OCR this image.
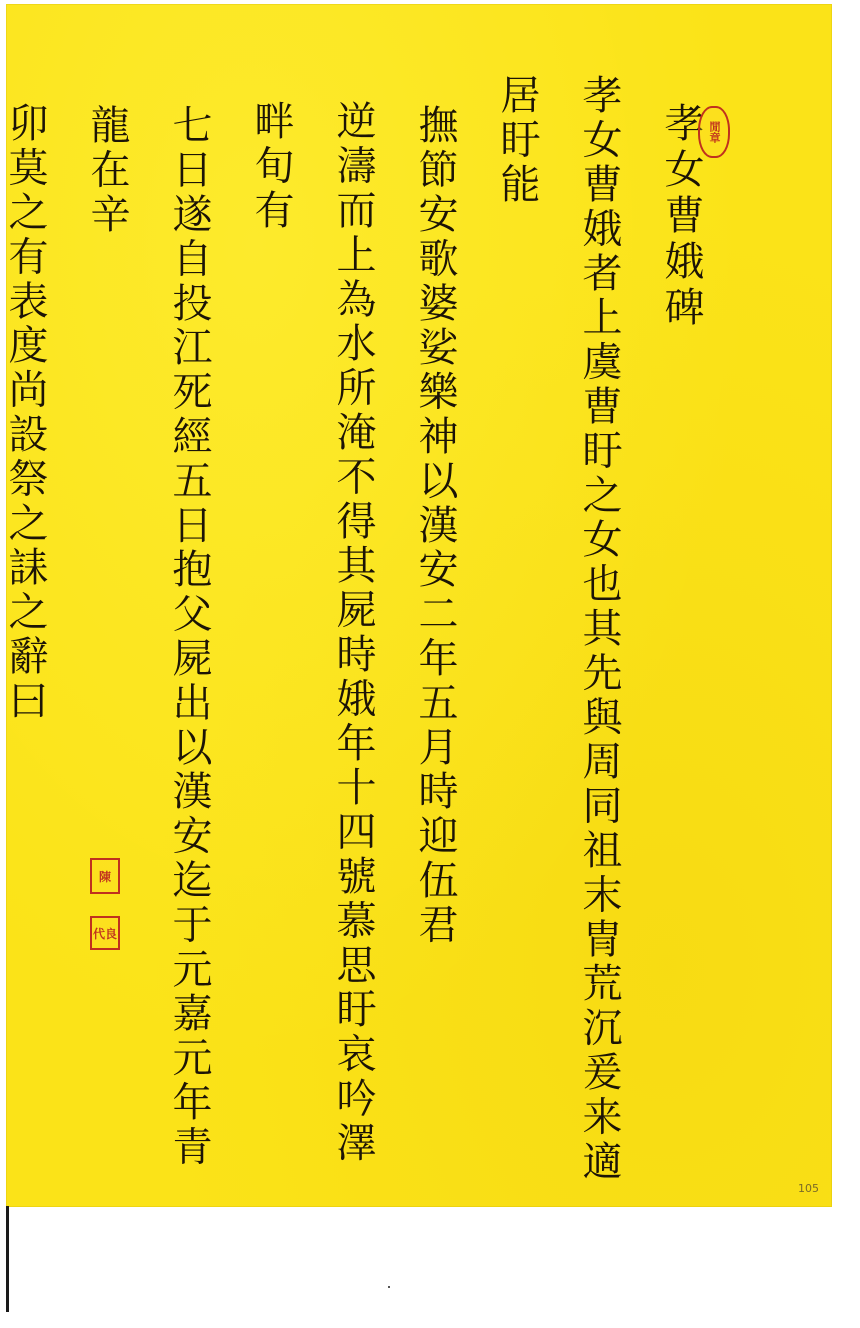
孝女曹娥碑
孝女曹娥者上虞曹盱之女也其先與周同祖末冑荒沉爰来適居盱能
撫節安歌婆娑樂神以漢安二年五月時迎伍君
逆濤而上為水所淹不得其屍時娥年十四號慕思盱哀吟澤畔旬有
七日遂自投江死經五日抱父屍出以漢安迄于元嘉元年青龍在辛
卯莫之有表度尚設祭之誄之辭曰
　	閒章
陳
代良
105
